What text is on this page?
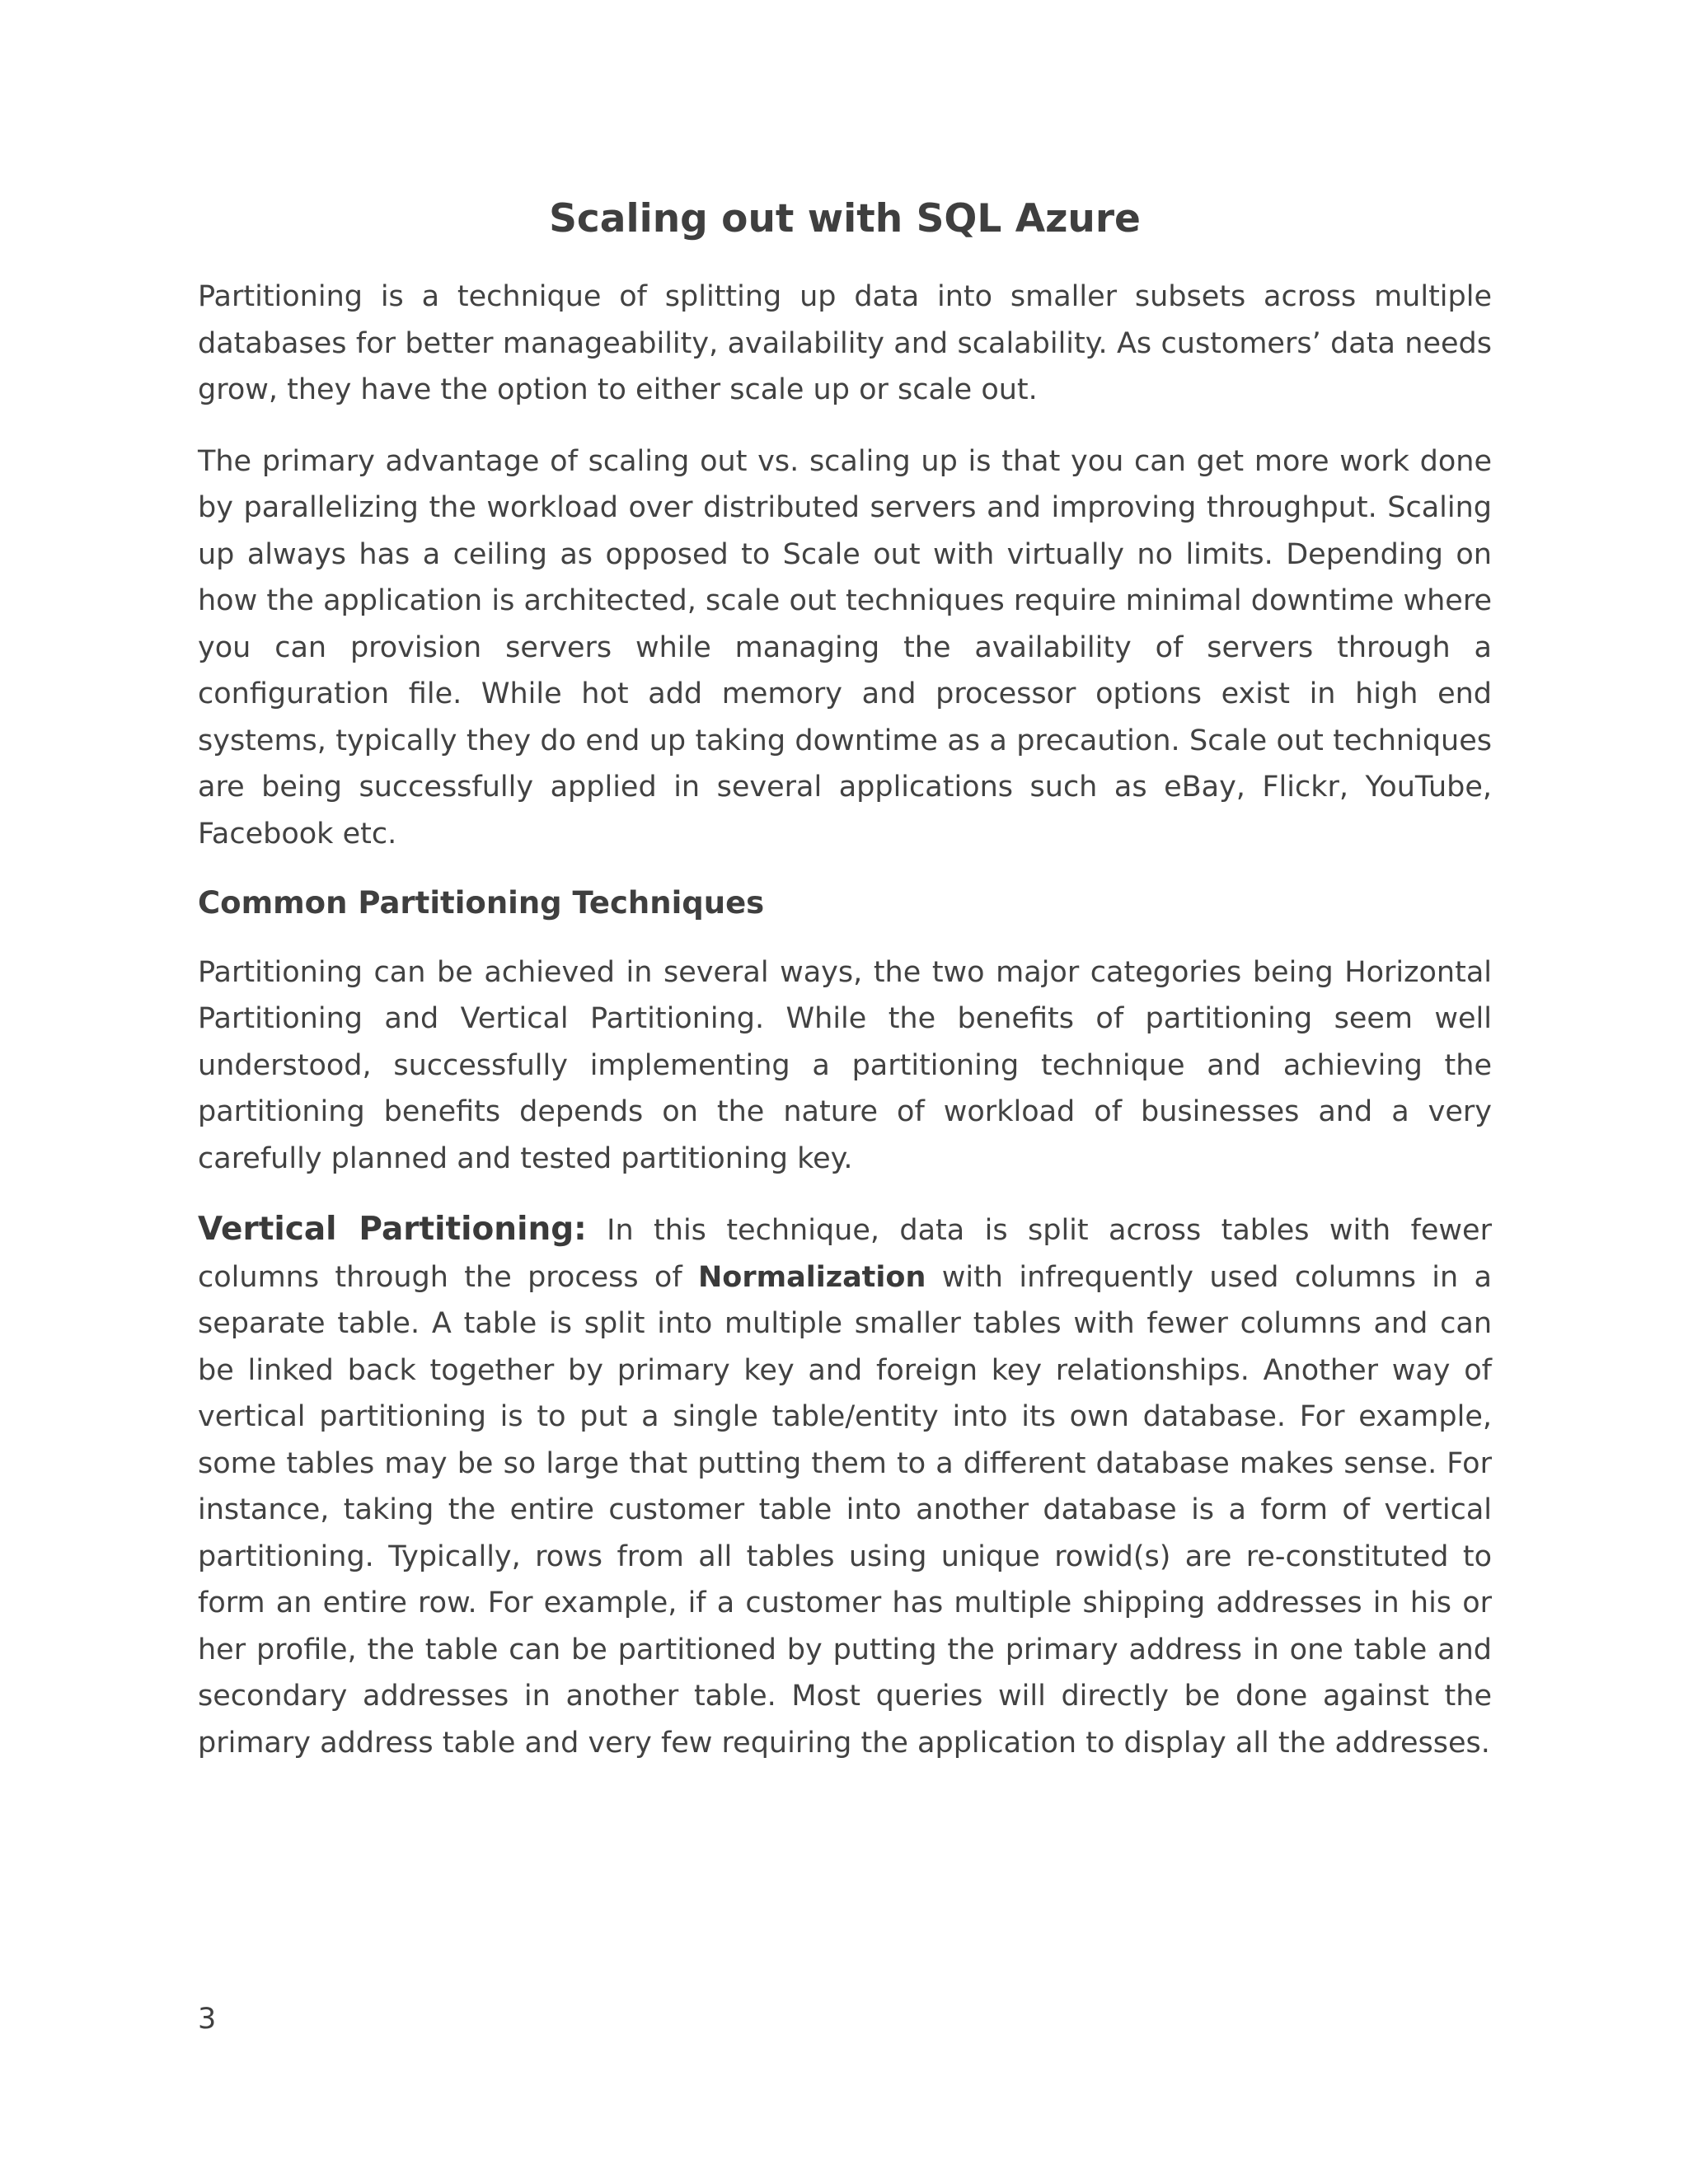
Scaling out with SQL Azure

Partitioning is a technique of splitting up data into smaller subsets across multiple databases for better manageability, availability and scalability. As customers’ data needs grow, they have the option to either scale up or scale out.

The primary advantage of scaling out vs. scaling up is that you can get more work done by parallelizing the workload over distributed servers and improving throughput. Scaling up always has a ceiling as opposed to Scale out with virtually no limits. Depending on how the application is architected, scale out techniques require minimal downtime where you can provision servers while managing the availability of servers through a configuration file. While hot add memory and processor options exist in high end systems, typically they do end up taking downtime as a precaution. Scale out techniques are being successfully applied in several applications such as eBay, Flickr, YouTube, Facebook etc.

Common Partitioning Techniques

Partitioning can be achieved in several ways, the two major categories being Horizontal Partitioning and Vertical Partitioning. While the benefits of partitioning seem well understood, successfully implementing a partitioning technique and achieving the partitioning benefits depends on the nature of workload of businesses and a very carefully planned and tested partitioning key.

Vertical Partitioning: In this technique, data is split across tables with fewer columns through the process of Normalization with infrequently used columns in a separate table. A table is split into multiple smaller tables with fewer columns and can be linked back together by primary key and foreign key relationships. Another way of vertical partitioning is to put a single table/entity into its own database. For example, some tables may be so large that putting them to a different database makes sense. For instance, taking the entire customer table into another database is a form of vertical partitioning. Typically, rows from all tables using unique rowid(s) are re-constituted to form an entire row. For example, if a customer has multiple shipping addresses in his or her profile, the table can be partitioned by putting the primary address in one table and secondary addresses in another table. Most queries will directly be done against the primary address table and very few requiring the application to display all the addresses.

3
